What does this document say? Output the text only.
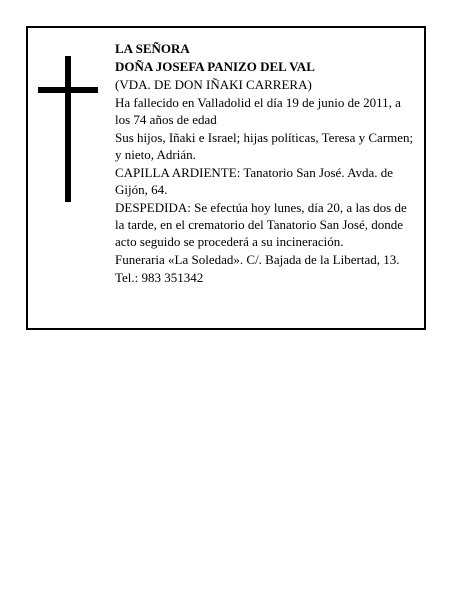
LA SEÑORA

DOÑA JOSEFA PANIZO DEL VAL

(VDA. DE DON IÑAKI CARRERA)

Ha fallecido en Valladolid el día 19 de junio de 2011, a los 74 años de edad

Sus hijos, Iñaki e Israel; hijas políticas, Teresa y Carmen; y nieto, Adrián.

CAPILLA ARDIENTE: Tanatorio San José. Avda. de Gijón, 64.

DESPEDIDA: Se efectúa hoy lunes, día 20, a las dos de la tarde, en el crematorio del Tanatorio San José, donde acto seguido se procederá a su incineración.

Funeraria «La Soledad». C/. Bajada de la Libertad, 13.

Tel.: 983 351342
